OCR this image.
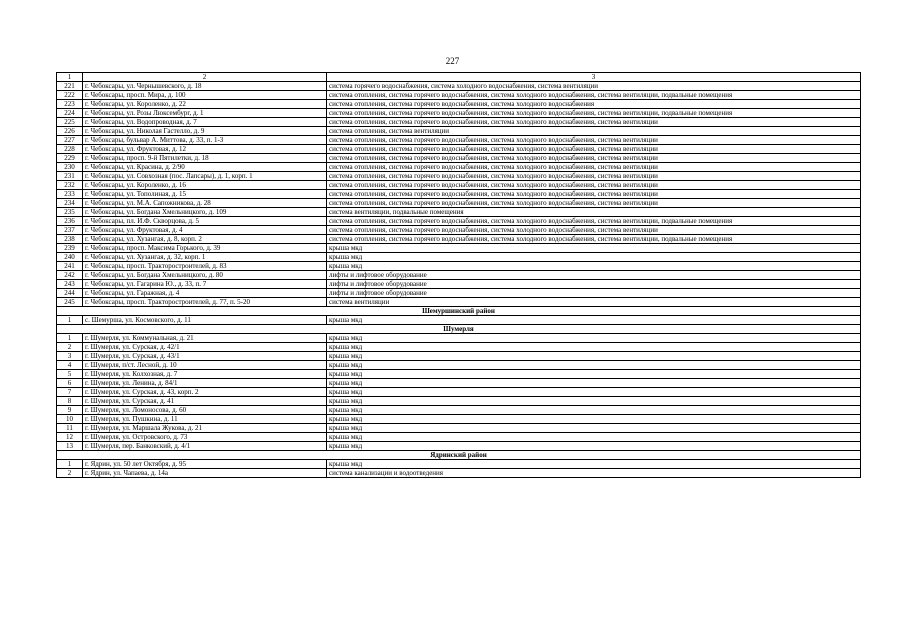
227
1	2	3
221	г. Чебоксары, ул. Чернышевского, д. 18	система горячего водоснабжения, система холодного водоснабжения, система вентиляции
222	г. Чебоксары, просп. Мира, д. 100	система отопления, система горячего водоснабжения, система холодного водоснабжения, система вентиляции, подвальные помещения
223	г. Чебоксары, ул. Короленко, д. 22	система отопления, система горячего водоснабжения, система холодного водоснабжения
224	г. Чебоксары, ул. Розы Люксембург, д. 1	система отопления, система горячего водоснабжения, система холодного водоснабжения, система вентиляции, подвальные помещения
225	г. Чебоксары, ул. Водопроводная, д. 7	система отопления, система горячего водоснабжения, система холодного водоснабжения, система вентиляции
226	г. Чебоксары, ул. Николая Гастелло, д. 9	система отопления, система вентиляции
227	г. Чебоксары, бульвар А. Миттова, д. 33, п. 1-3	система отопления, система горячего водоснабжения, система холодного водоснабжения, система вентиляции
228	г. Чебоксары, ул. Фруктовая, д. 12	система отопления, система горячего водоснабжения, система холодного водоснабжения, система вентиляции
229	г. Чебоксары, просп. 9-й Пятилетки, д. 18	система отопления, система горячего водоснабжения, система холодного водоснабжения, система вентиляции
230	г. Чебоксары, ул. Красина, д. 2/90	система отопления, система горячего водоснабжения, система холодного водоснабжения, система вентиляции
231	г. Чебоксары, ул. Совхозная (пос. Лапсары), д. 1, корп. 1	система отопления, система горячего водоснабжения, система холодного водоснабжения, система вентиляции
232	г. Чебоксары, ул. Короленко, д. 16	система отопления, система горячего водоснабжения, система холодного водоснабжения, система вентиляции
233	г. Чебоксары, ул. Тополиная, д. 15	система отопления, система горячего водоснабжения, система холодного водоснабжения, система вентиляции
234	г. Чебоксары, ул. М.А. Сапожникова, д. 28	система отопления, система горячего водоснабжения, система холодного водоснабжения, система вентиляции
235	г. Чебоксары, ул. Богдана Хмельницкого, д. 109	система вентиляции, подвальные помещения
236	г. Чебоксары, пл. И.Ф. Скворцова, д. 5	система отопления, система горячего водоснабжения, система холодного водоснабжения, система вентиляции, подвальные помещения
237	г. Чебоксары, ул. Фруктовая, д. 4	система отопления, система горячего водоснабжения, система холодного водоснабжения, система вентиляции
238	г. Чебоксары, ул. Хузангая, д. 8, корп. 2	система отопления, система горячего водоснабжения, система холодного водоснабжения, система вентиляции, подвальные помещения
239	г. Чебоксары, просп. Максима Горького, д. 39	крыша мкд
240	г. Чебоксары, ул. Хузангая, д. 32, корп. 1	крыша мкд
241	г. Чебоксары, просп. Тракторостроителей, д. 83	крыша мкд
242	г. Чебоксары, ул. Богдана Хмельницкого, д. 80	лифты и лифтовое оборудование
243	г. Чебоксары, ул. Гагарина Ю., д. 33, п. 7	лифты и лифтовое оборудование
244	г. Чебоксары, ул. Гаражная, д. 4	лифты и лифтовое оборудование
245	г. Чебоксары, просп. Тракторостроителей, д. 77, п. 5-20	система вентиляции
Шемуршинский район		
1	с. Шемурша, ул. Космовского, д. 11	крыша мкд
Шумерля		
1	г. Шумерля, ул. Коммунальная, д. 21	крыша мкд
2	г. Шумерля, ул. Сурская, д. 42/1	крыша мкд
3	г. Шумерля, ул. Сурская, д. 43/1	крыша мкд
4	г. Шумерля, п/ст. Лесной, д. 10	крыша мкд
5	г. Шумерля, ул. Колхозная, д. 7	крыша мкд
6	г. Шумерля, ул. Ленина, д. 84/1	крыша мкд
7	г. Шумерля, ул. Сурская, д. 43, корп. 2	крыша мкд
8	г. Шумерля, ул. Сурская, д. 41	крыша мкд
9	г. Шумерля, ул. Ломоносова, д. 60	крыша мкд
10	г. Шумерля, ул. Пушкина, д. 11	крыша мкд
11	г. Шумерля, ул. Маршала Жукова, д. 21	крыша мкд
12	г. Шумерля, ул. Островского, д. 73	крыша мкд
13	г. Шумерля, пер. Банковский, д. 4/1	крыша мкд
Ядринский район		
1	г. Ядрин, ул. 50 лет Октября, д. 95	крыша мкд
2	г. Ядрин, ул. Чапаева, д. 14а	система канализации и водоотведения
